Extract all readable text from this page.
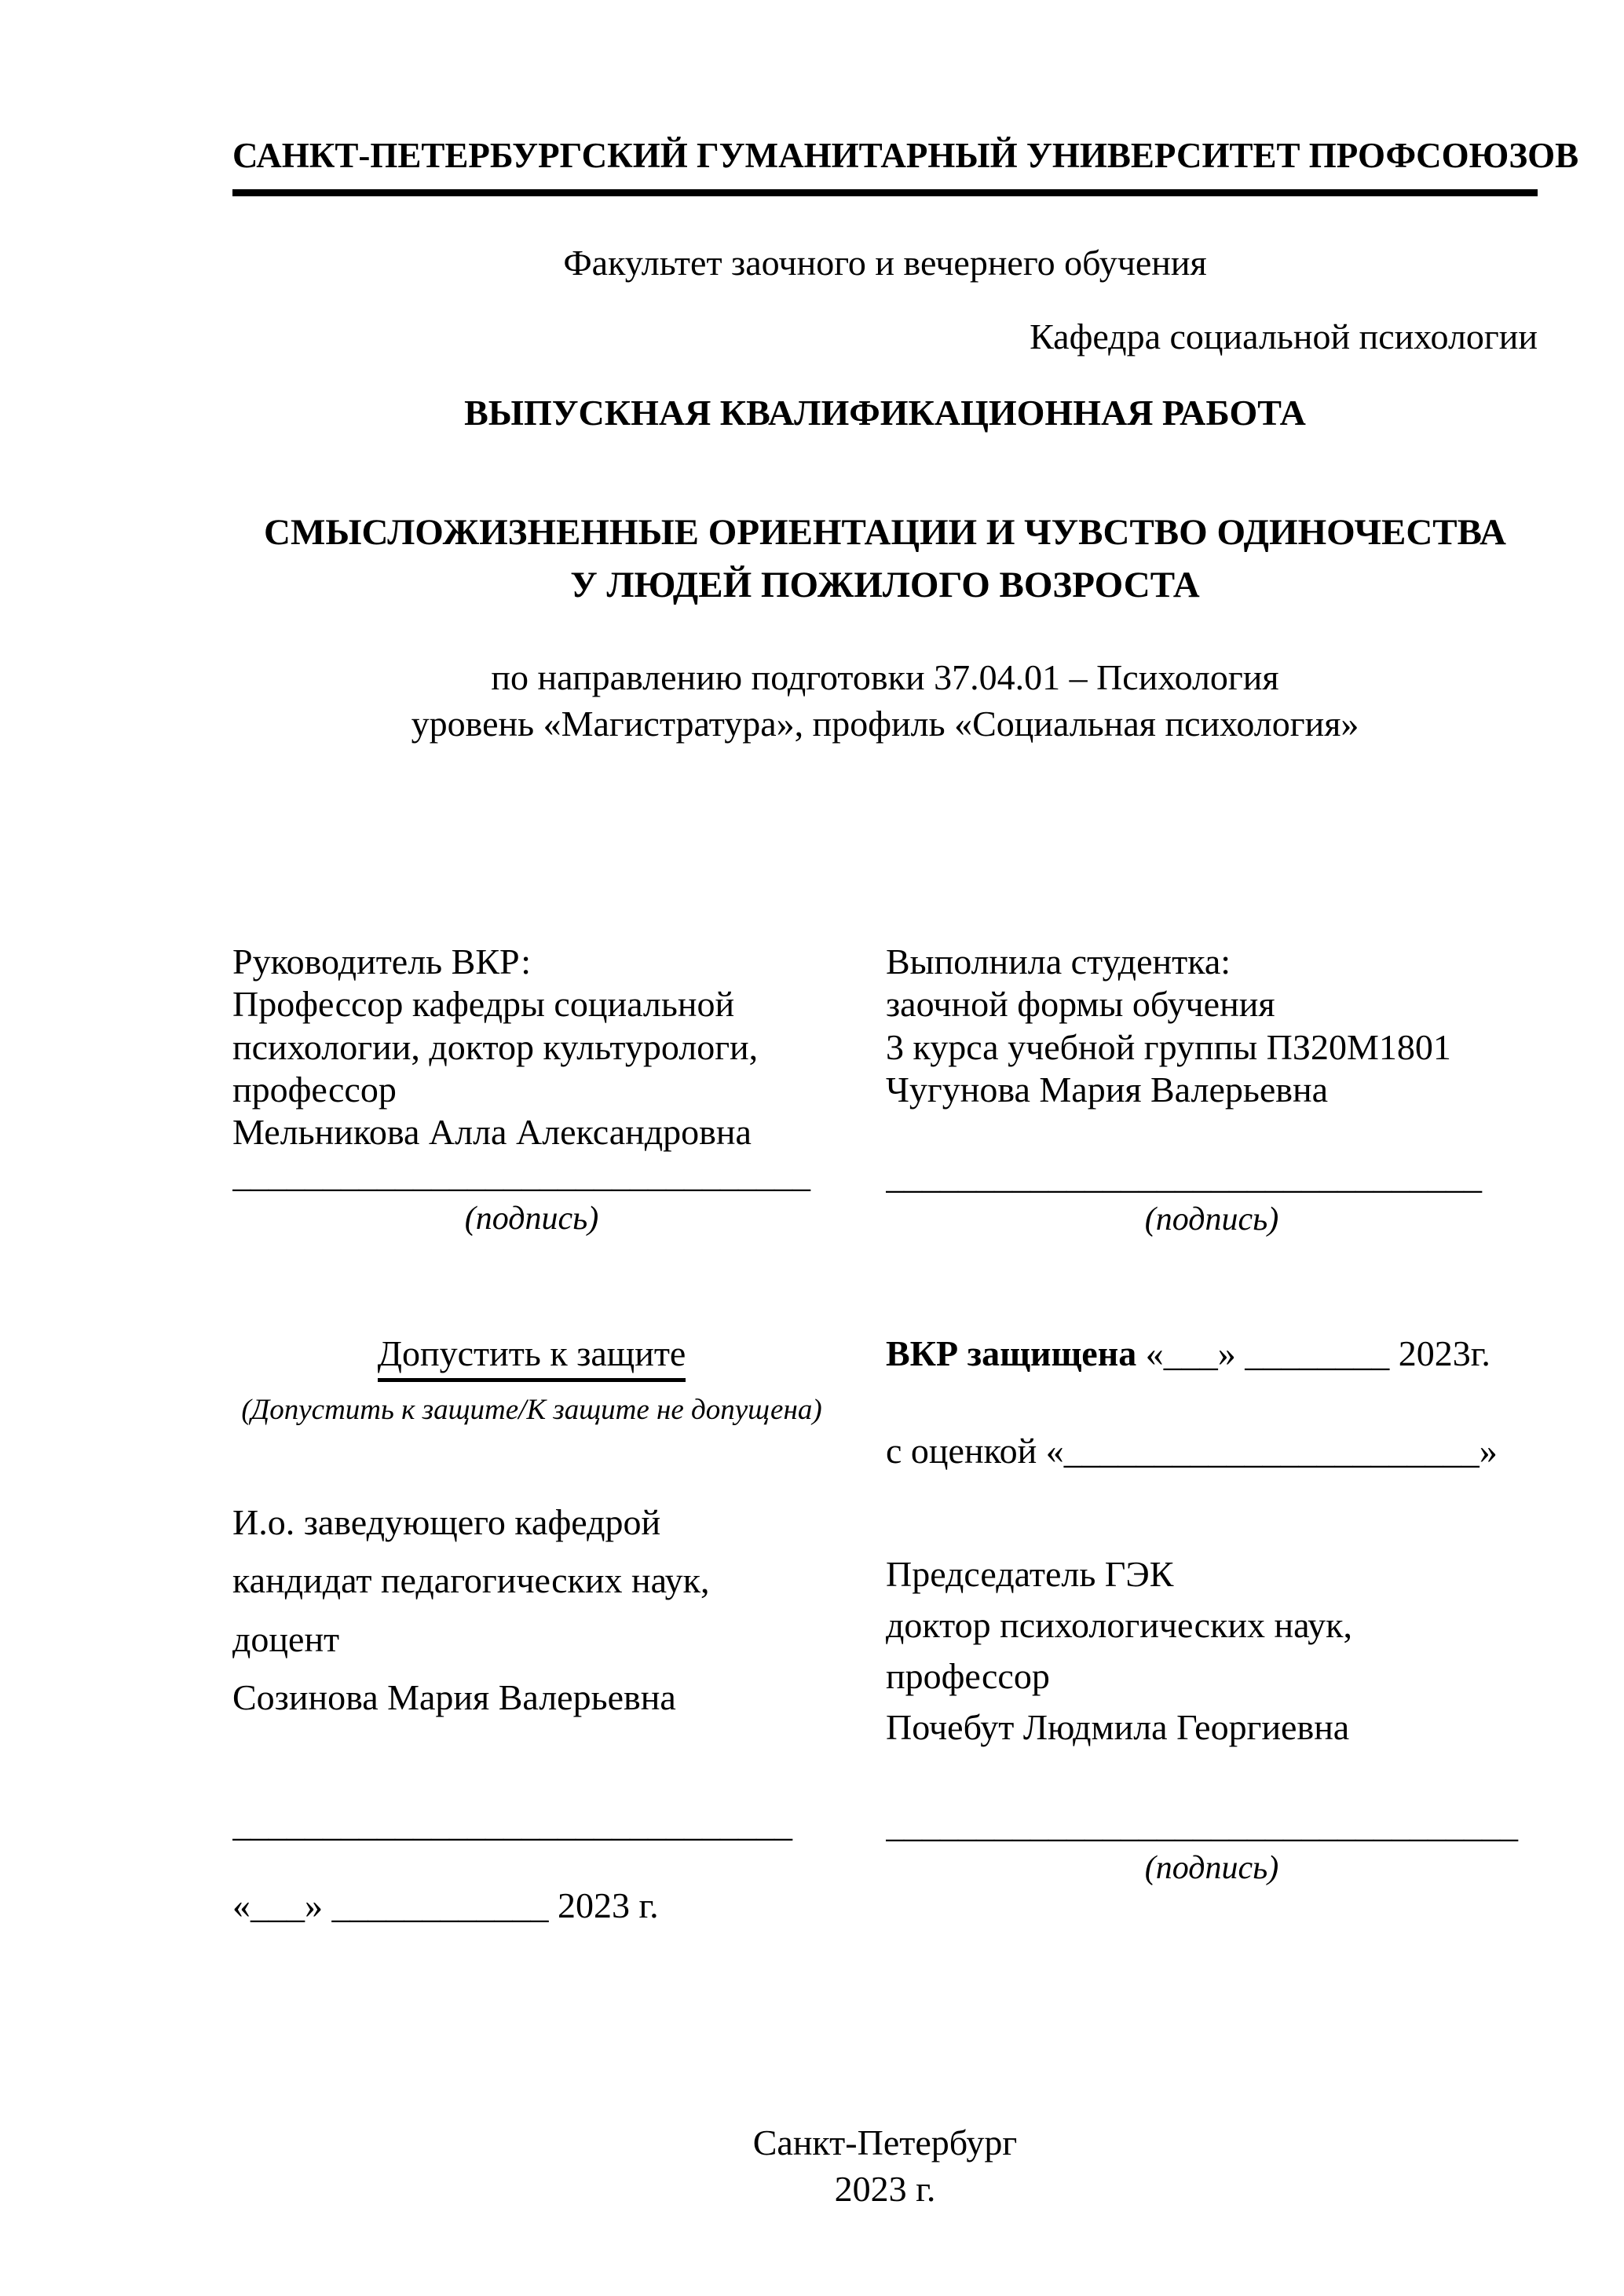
САНКТ-ПЕТЕРБУРГСКИЙ ГУМАНИТАРНЫЙ УНИВЕРСИТЕТ ПРОФСОЮЗОВ
Факультет заочного и вечернего обучения
Кафедра социальной психологии
ВЫПУСКНАЯ КВАЛИФИКАЦИОННАЯ РАБОТА
СМЫСЛОЖИЗНЕННЫЕ ОРИЕНТАЦИИ И ЧУВСТВО ОДИНОЧЕСТВА
У ЛЮДЕЙ ПОЖИЛОГО ВОЗРОСТА
по направлению подготовки 37.04.01 – Психология
уровень «Магистратура», профиль «Социальная психология»
Руководитель ВКР:
Профессор кафедры социальной
психологии, доктор культурологи,
профессор
Мельникова Алла Александровна
________________________________
(подпись)
Выполнила студентка:
заочной формы обучения
3 курса учебной группы ПЗ20М1801
Чугунова Мария Валерьевна
_________________________________
(подпись)
Допустить к защите
(Допустить к защите/К защите не допущена)
И.о. заведующего кафедрой
кандидат педагогических наук,
доцент
Созинова Мария Валерьевна
_______________________________
«___» ____________ 2023 г.
ВКР защищена «___» ________ 2023г.
с оценкой «_______________________»
Председатель ГЭК
доктор психологических наук,
профессор
Почебут Людмила Георгиевна
___________________________________
(подпись)
Санкт-Петербург
2023 г.
